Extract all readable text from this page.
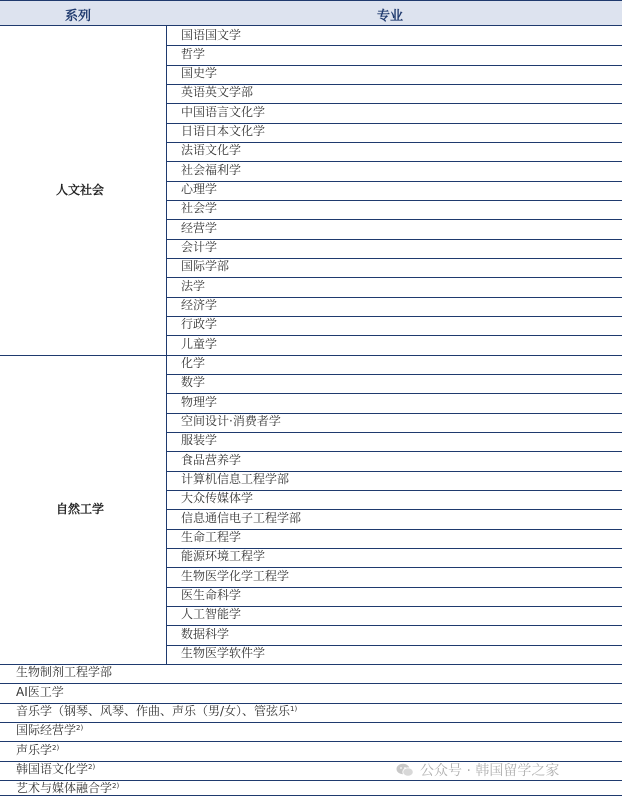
系列	专业
国语国文学
哲学
国史学
英语英文学部
中国语言文化学
日语日本文化学
法语文化学
社会福利学
心理学
社会学
经营学
会计学
国际学部
法学
经济学
行政学
儿童学
人文社会
化学
数学
物理学
空间设计·消费者学
服装学
食品营养学
计算机信息工程学部
大众传媒体学
信息通信电子工程学部
生命工程学
能源环境工程学
生物医学化学工程学
医生命科学
人工智能学
数据科学
生物医学软件学
自然工学
生物制剂工程学部
AI医工学
音乐学（钢琴、风琴、作曲、声乐（男/女）、管弦乐$^{1)}$
国际经营学$^{2)}$
声乐学$^{2)}$
韩国语文化学$^{2)}$
艺术与媒体融合学$^{2)}$
公众号 · 韩国留学之家
